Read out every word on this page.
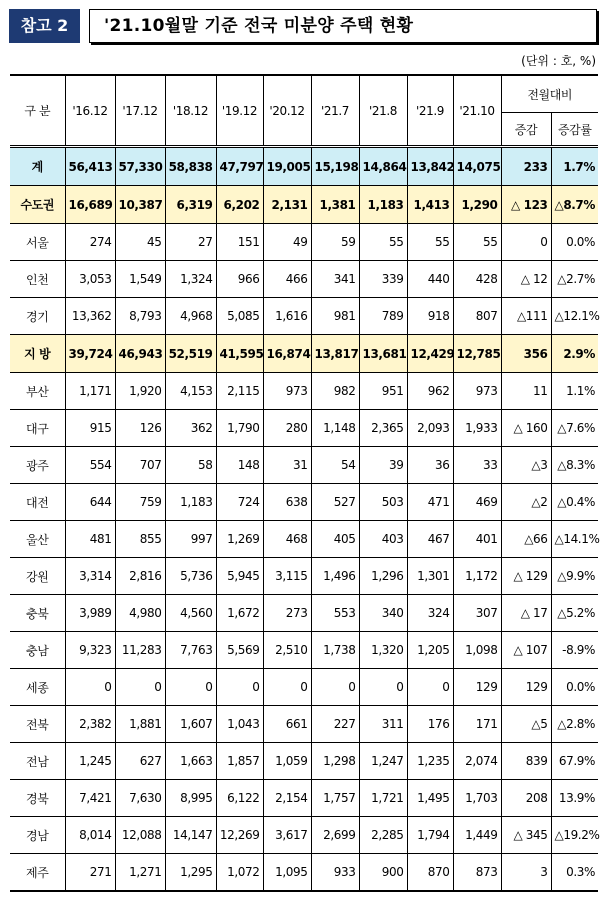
참고 2	'21.10월말 기준 전국 미분양 주택 현황
(단위 : 호, %)
구 분	'16.12	'17.12	'18.12	'19.12	'20.12	'21.7	'21.8	'21.9	'21.10	전월대비	
										증감	증감률
계	56,413	57,330	58,838	47,797	19,005	15,198	14,864	13,842	14,075	233	1.7%
수도권	16,689	10,387	6,319	6,202	2,131	1,381	1,183	1,413	1,290	△ 123	△8.7%
서울	274	45	27	151	49	59	55	55	55	0	0.0%
인천	3,053	1,549	1,324	966	466	341	339	440	428	△ 12	△2.7%
경기	13,362	8,793	4,968	5,085	1,616	981	789	918	807	△111	△12.1%
지 방	39,724	46,943	52,519	41,595	16,874	13,817	13,681	12,429	12,785	356	2.9%
부산	1,171	1,920	4,153	2,115	973	982	951	962	973	11	1.1%
대구	915	126	362	1,790	280	1,148	2,365	2,093	1,933	△ 160	△7.6%
광주	554	707	58	148	31	54	39	36	33	△3	△8.3%
대전	644	759	1,183	724	638	527	503	471	469	△2	△0.4%
울산	481	855	997	1,269	468	405	403	467	401	△66	△14.1%
강원	3,314	2,816	5,736	5,945	3,115	1,496	1,296	1,301	1,172	△ 129	△9.9%
충북	3,989	4,980	4,560	1,672	273	553	340	324	307	△ 17	△5.2%
충남	9,323	11,283	7,763	5,569	2,510	1,738	1,320	1,205	1,098	△ 107	-8.9%
세종	0	0	0	0	0	0	0	0	129	129	0.0%
전북	2,382	1,881	1,607	1,043	661	227	311	176	171	△5	△2.8%
전남	1,245	627	1,663	1,857	1,059	1,298	1,247	1,235	2,074	839	67.9%
경북	7,421	7,630	8,995	6,122	2,154	1,757	1,721	1,495	1,703	208	13.9%
경남	8,014	12,088	14,147	12,269	3,617	2,699	2,285	1,794	1,449	△ 345	△19.2%
제주	271	1,271	1,295	1,072	1,095	933	900	870	873	3	0.3%
